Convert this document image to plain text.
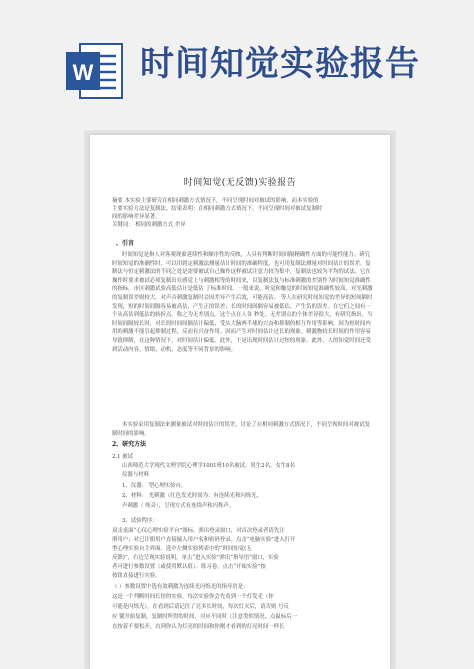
W 时间知觉实验报告
时间知觉(无反馈)实验报告
摘要 本实验主要研究在相同刺激方式情况下，不同呈现时间对被试的影响。而本实验的
主要实验方法是复制法。结果表明：在相同刺激方式情况下，不同呈现时间对被试复制时
间的影响差异显著。
关键词： 相同的刺激方式 差异
、引言
时间知觉是指人对客观现象延续性和顺序性的反映，人具有判断时间间隔精确性方面的可能性能力。研究时间知觉的准确性时，可以用到定刺激法测量估计时间的准确程度，也可用复制法测量对时间估计的误差。复制法与恒定刺激法的不同之处是需要被试自己操作这样被试注意力较为集中，复制法也较为平均的试法。它在操作时要求被试必须复制出在感觉上与刺激相等的时间来，以复制法复与标准刺激的差别作为时间知觉准确性的指标。市区刺激试验高低估计是低估 了标准时间。一般来说，听觉和触觉的时间知觉准确性较高，对光刺激的复制误差则较大。对声音刺激复制时会因差异产生后效，可能高估。 等人在研究时间知觉的差异的短间隔时发现，短的时间间隔容易被高估，产生正的误差；长的时间间隔容易被低估，产生负的误差。在它们之间有一个从高估到低估的转折点，称之为无差别点。这个点在人各 秒处。无差别点的个体差异很大，有研究指出，当时间间隔较长时，对长的时间间隔估计偏低，受从大脑两半球的兴奋和抑制的相互作用等影响。因为短时间内用的刺激不能引起抑制过程，反而有兴奋作用。因而产生对时间估计过长的现象。刺激物较长时间的作用容易导致抑制，在这种情况下，对时间估计偏低。此外，于是出现时间估计过短的现象。此外，人的知觉时间还受到活动内容、情绪、动机、态度等不同背景的影响。
本实验采用复制法来测量被试对时间估计的误差，讨论了在相同刺激方式情况下，不同呈现时间对被试复制时间的影响。
2、研究方法
2.1 被试
山西师范大学现代文理学院心理学1001班10名被试，男生2名，女生8名
仪器与材料
1、仪器： 型心理实验台，
2、材料： 光刺激（红色发光时间为：有连续光和闪烁光，
声刺激（ 纯音），呈现方式有连续声和闪烁声。
3、试验程序：
双击桌面“心仪心理实验平台”图标，弹出登录窗口，对首次登录者请先注
册用户；对已注册用户直接输入用户名和密码登录。点击“电脑实验”进入打开
型心理实验台主界面。选中左侧实验列表中的“时间知觉(无
反馈)”，右边呈现实验说明。单击“进入实验”弹出“指导语”窗口，实验
者可进行参数设置（或使用默认值）。练习卷，点击“开始实验”按
按钮直接进行实验。
（ ）参数设置中选有效刺激为连续光闪烁光的指导语是：
这是一个判断时间长短的实验，每次实验你会先看到一个灯发光（你
可能是闪烁光），在看到后请记住了亮多长时间，每次灯灭后，请否则 号反
应 键开始复制，复制时所得的时间，对应不同时（注意类似情况，点鼠标后一
直按着不要松开，直到你认为灯亮的时间和你刚才看到的灯亮时间一样长
